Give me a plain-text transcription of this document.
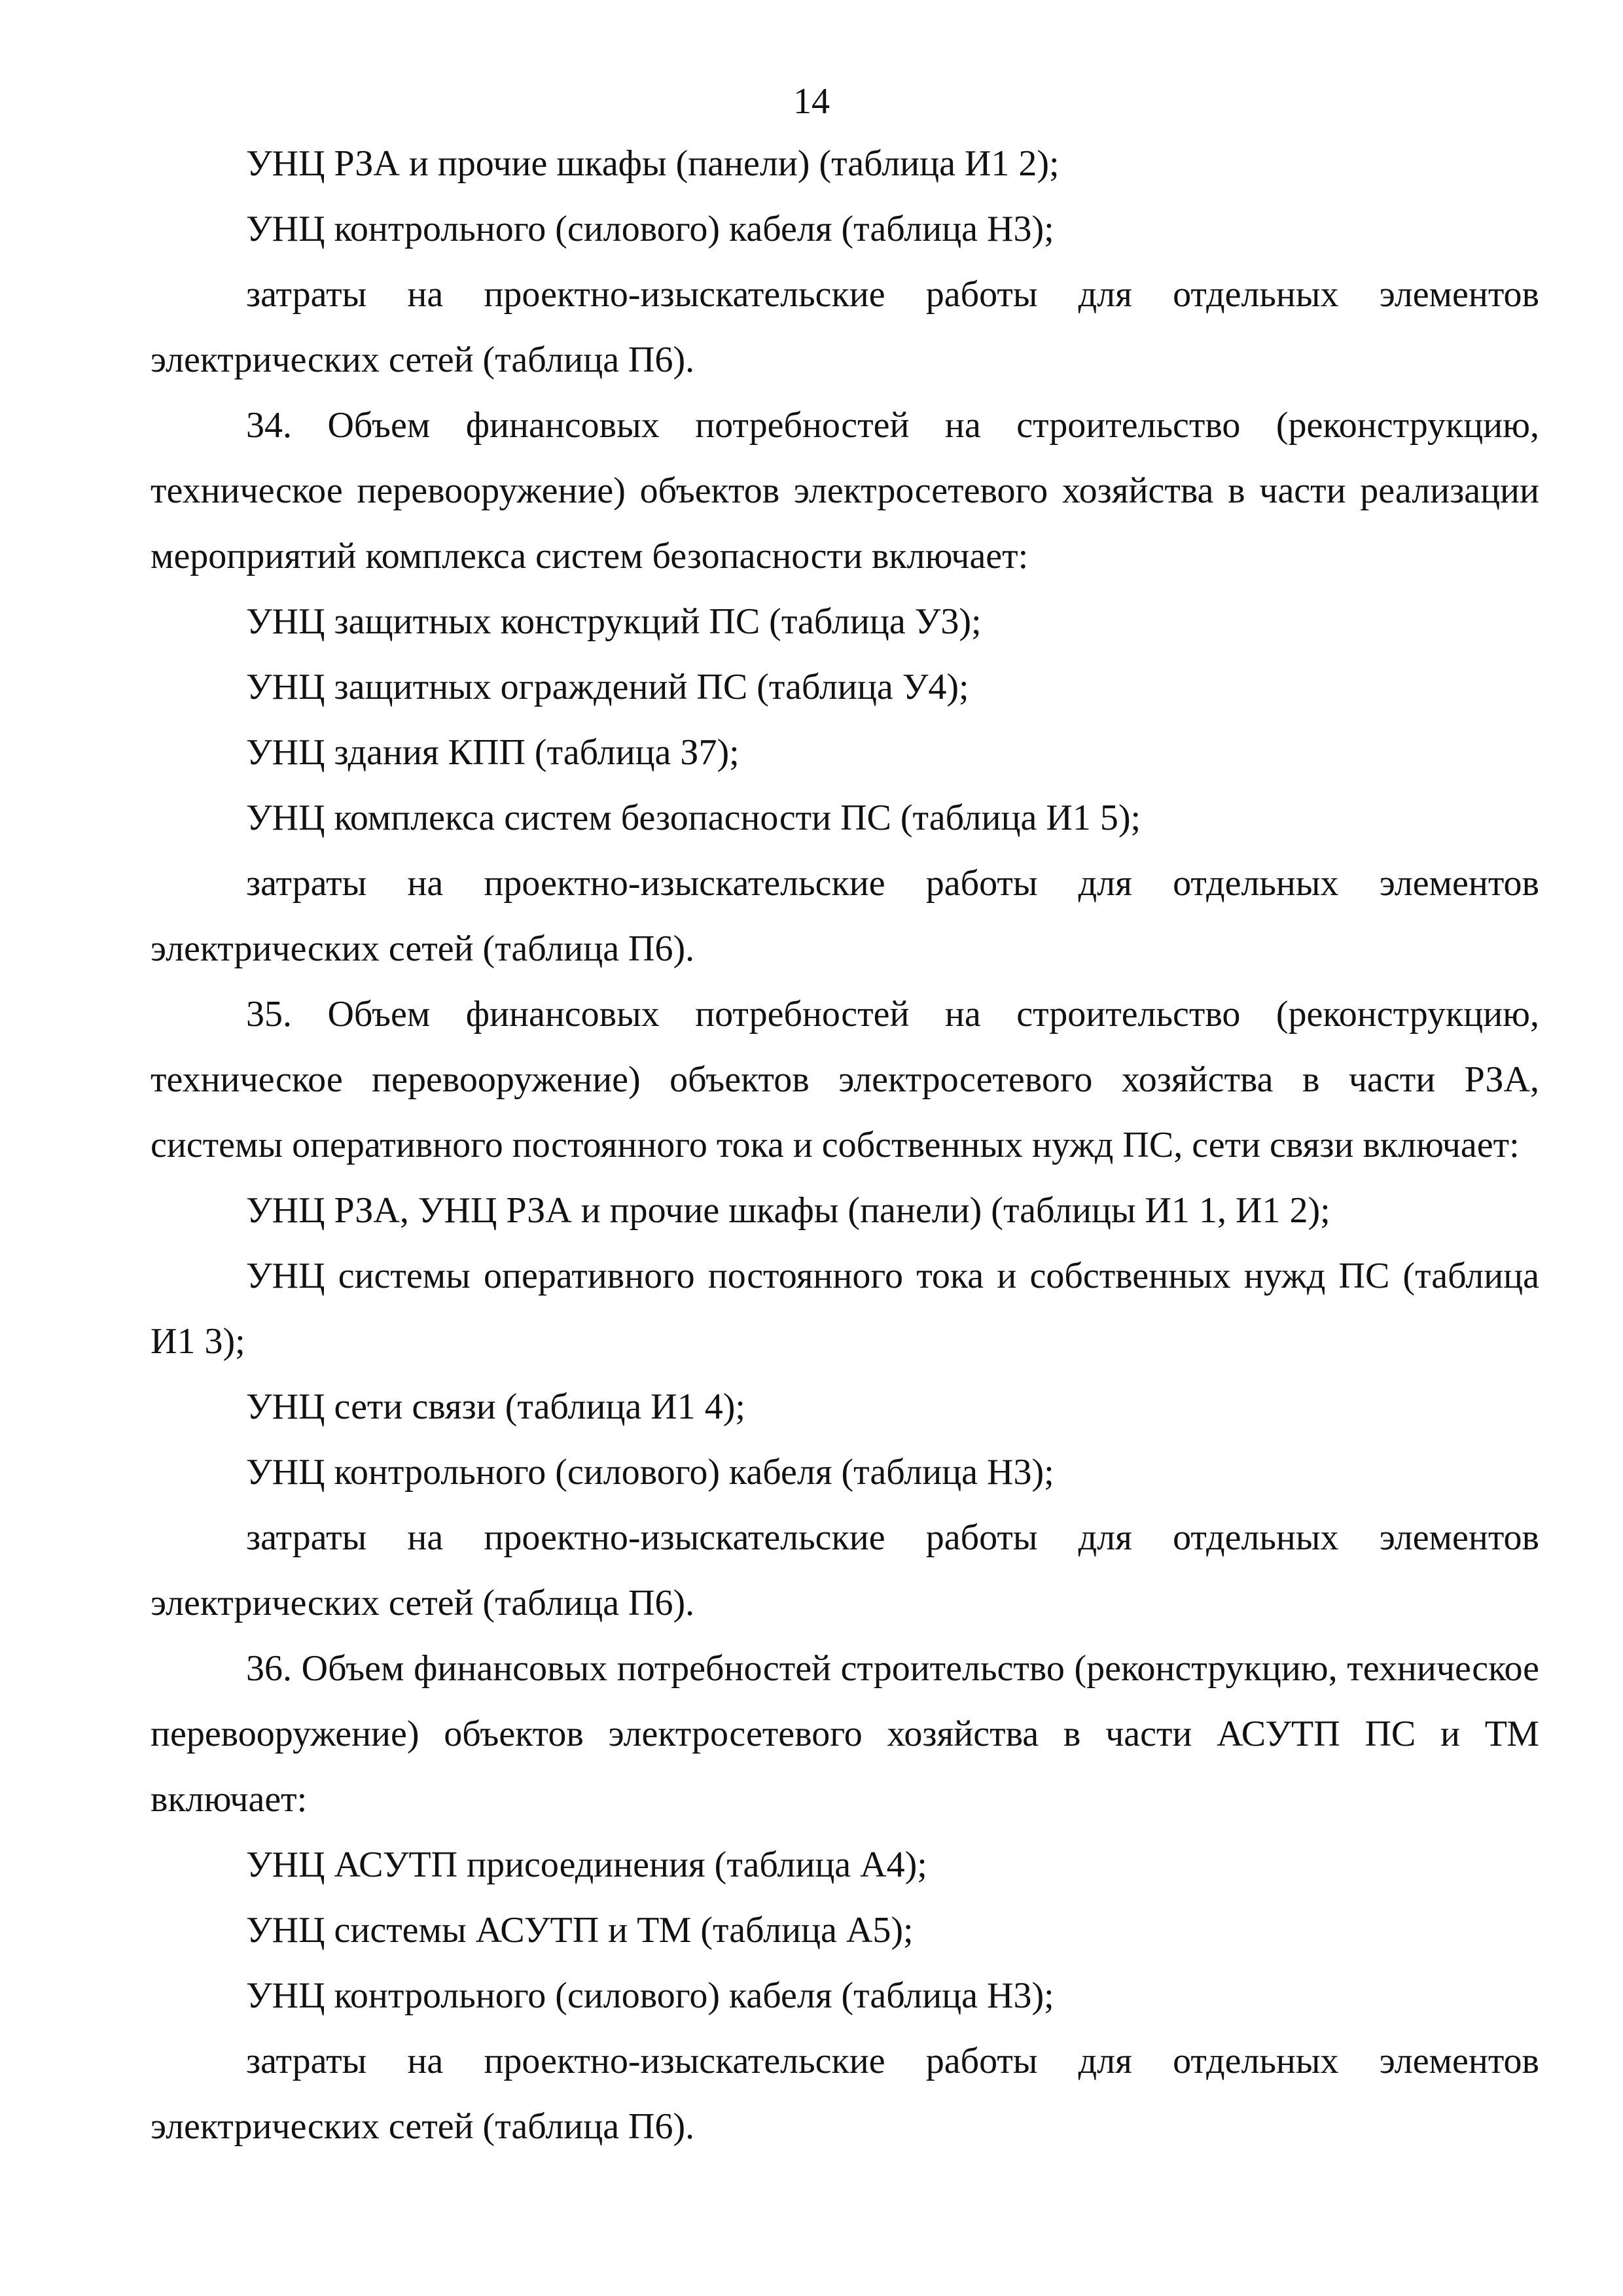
14

УНЦ РЗА и прочие шкафы (панели) (таблица И1 2);

УНЦ контрольного (силового) кабеля (таблица Н3);

затраты на проектно-изыскательские работы для отдельных элементов электрических сетей (таблица П6).

34. Объем финансовых потребностей на строительство (реконструкцию, техническое перевооружение) объектов электросетевого хозяйства в части реализации мероприятий комплекса систем безопасности включает:

УНЦ защитных конструкций ПС (таблица У3);

УНЦ защитных ограждений ПС (таблица У4);

УНЦ здания КПП (таблица З7);

УНЦ комплекса систем безопасности ПС (таблица И1 5);

затраты на проектно-изыскательские работы для отдельных элементов электрических сетей (таблица П6).

35. Объем финансовых потребностей на строительство (реконструкцию, техническое перевооружение) объектов электросетевого хозяйства в части РЗА, системы оперативного постоянного тока и собственных нужд ПС, сети связи включает:

УНЦ РЗА, УНЦ РЗА и прочие шкафы (панели) (таблицы И1 1, И1 2);

УНЦ системы оперативного постоянного тока и собственных нужд ПС (таблица И1 3);

УНЦ сети связи (таблица И1 4);

УНЦ контрольного (силового) кабеля (таблица Н3);

затраты на проектно-изыскательские работы для отдельных элементов электрических сетей (таблица П6).

36. Объем финансовых потребностей строительство (реконструкцию, техническое перевооружение) объектов электросетевого хозяйства в части АСУТП ПС и ТМ включает:

УНЦ АСУТП присоединения (таблица А4);

УНЦ системы АСУТП и ТМ (таблица А5);

УНЦ контрольного (силового) кабеля (таблица Н3);

затраты на проектно-изыскательские работы для отдельных элементов электрических сетей (таблица П6).
